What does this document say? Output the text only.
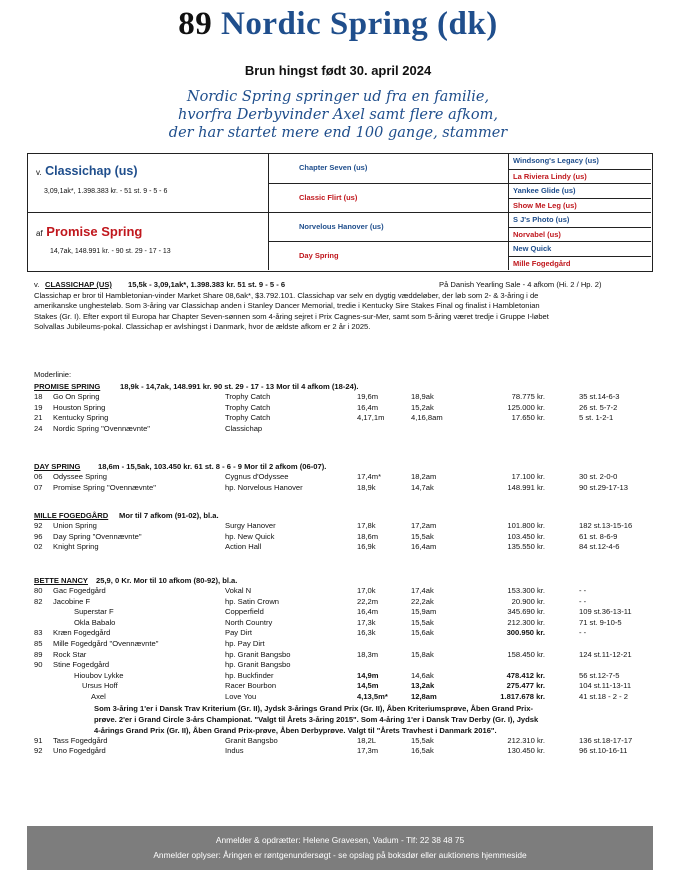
89 Nordic Spring (dk)
Brun hingst født 30. april 2024
Nordic Spring springer ud fra en familie,
hvorfra Derbyvinder Axel samt flere afkom,
der har startet mere end 100 gange, stammer
v. Classichap (us)
3,09,1ak*, 1.398.383 kr. - 51 st. 9 - 5 - 6
af Promise Spring
14,7ak, 148.991 kr. - 90 st. 29 - 17 - 13
Chapter Seven (us)
Classic Flirt (us)
Norvelous Hanover (us)
Day Spring
Windsong's Legacy (us)
La Riviera Lindy (us)
Yankee Glide (us)
Show Me Leg (us)
S J's Photo (us)
Norvabel (us)
New Quick
Mille Fogedgård
v. CLASSICHAP (US) 15,5k - 3,09,1ak*, 1.398.383 kr. 51 st. 9 - 5 - 6	På Danish Yearling Sale - 4 afkom (Hi. 2 / Hp. 2)
Classichap er bror til Hambletonian-vinder Market Share 08,6ak*, $3.792.101. Classichap var selv en dygtig væddeløber, der løb som 2- & 3-åring i de
amerikanske unghesteløb. Som 3-åring var Classichap anden i Stanley Dancer Memorial, tredie i Kentucky Sire Stakes Final og finalist i Hambletonian
Stakes (Gr. I). Efter export til Europa har Chapter Seven-sønnen som 4-åring sejret i Prix Cagnes-sur-Mer, samt som 5-åring været tredje i Gruppe I-løbet
Solvallas Jubileums-pokal. Classichap er avlshingst i Danmark, hvor de ældste afkom er 2 år i 2025.
Moderlinie:
PROMISE SPRING	18,9k - 14,7ak, 148.991 kr. 90 st. 29 - 17 - 13 Mor til 4 afkom (18-24).
18 Go On Spring	Trophy Catch	19,6m	18,9ak	78.775 kr.	35 st.14-6-3
19 Houston Spring	Trophy Catch	16,4m	15,2ak	125.000 kr.	26 st. 5-7-2
21 Kentucky Spring	Trophy Catch	4,17,1m	4,16,8am	17.650 kr.	5 st. 1-2-1
24 Nordic Spring "Ovennævnte"	Classichap
DAY SPRING 18,6m - 15,5ak, 103.450 kr. 61 st. 8 - 6 - 9 Mor til 2 afkom (06-07).
06 Odyssee Spring	Cygnus d'Odyssee	17,4m*	18,2am	17.100 kr.	30 st. 2-0-0
07 Promise Spring "Ovennævnte"	hp. Norvelous Hanover	18,9k	14,7ak	148.991 kr.	90 st.29-17-13
MILLE FOGEDGÅRD Mor til 7 afkom (91-02), bl.a.
92 Union Spring	Surgy Hanover	17,8k	17,2am	101.800 kr.	182 st.13-15-16
96 Day Spring "Ovennævnte"	hp. New Quick	18,6m	15,5ak	103.450 kr.	61 st. 8-6-9
02 Knight Spring	Action Hall	16,9k	16,4am	135.550 kr.	84 st.12-4-6
BETTE NANCY 25,9, 0 Kr. Mor til 10 afkom (80-92), bl.a.
80 Gac Fogedgård	Vokal N	17,0k	17,4ak	153.300 kr.	- -
82 Jacobine F	hp. Satin Crown	22,2m	22,2ak	20.900 kr.	- -
Superstar F	Copperfield	16,4m	15,9am	345.690 kr.	109 st.36-13-11
Okla Babalo	North Country	17,3k	15,5ak	212.300 kr.	71 st. 9-10-5
83 Kræn Fogedgård	Pay Dirt	16,3k	15,6ak	300.950 kr.	- -
85 Mille Fogedgård "Ovennævnte"	hp. Pay Dirt
89 Rock Star	hp. Granit Bangsbo	18,3m	15,8ak	158.450 kr.	124 st.11-12-21
90 Stine Fogedgård	hp. Granit Bangsbo
Hioubov Lykke	hp. Buckfinder	14,9m	14,6ak	478.412 kr.	56 st.12-7-5
Ursus Hoff	Racer Bourbon	14,5m	13,2ak	275.477 kr.	104 st.11-13-11
Axel	Love You	4,13,5m*	12,8am	1.817.678 kr.	41 st.18 - 2 - 2
Som 3-åring 1'er i Dansk Trav Kriterium (Gr. II), Jydsk 3-årings Grand Prix (Gr. II), Åben Kriteriumsprøve, Åben Grand Prix-
prøve. 2'er i Grand Circle 3-års Championat. "Valgt til Årets 3-åring 2015". Som 4-åring 1'er i Dansk Trav Derby (Gr. I), Jydsk
4-årings Grand Prix (Gr. II), Åben Grand Prix-prøve, Åben Derbyprøve. Valgt til "Årets Travhest i Danmark 2016".
91 Tass Fogedgård	Granit Bangsbo	18,2L	15,5ak	212.310 kr.	136 st.18-17-17
92 Uno Fogedgård	Indus	17,3m	16,5ak	130.450 kr.	96 st.10-16-11
Anmelder & opdrætter: Helene Gravesen, Vadum - Tlf: 22 38 48 75
Anmelder oplyser: Åringen er røntgenundersøgt - se opslag på boksdør eller auktionens hjemmeside
